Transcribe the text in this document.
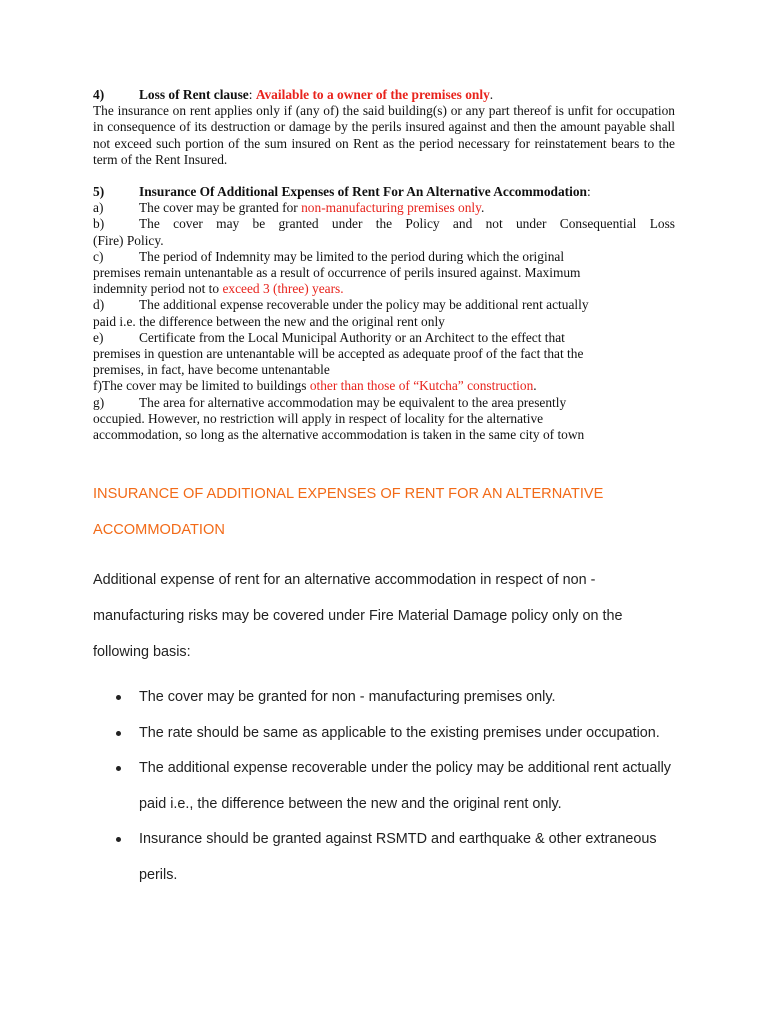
4)	Loss of Rent clause: Available to a owner of the premises only.

The insurance on rent applies only if (any of) the said building(s) or any part thereof is unfit for occupation in consequence of its destruction or damage by the perils insured against and then the amount payable shall not exceed such portion of the sum insured on Rent as the period necessary for reinstatement bears to the term of the Rent Insured.

5)	Insurance Of Additional Expenses of Rent For An Alternative Accommodation:
a)	The cover may be granted for non-manufacturing premises only.
b)	The cover may be granted under the Policy and not under Consequential Loss

(Fire) Policy.

c)	The period of Indemnity may be limited to the period during which the original

premises remain untenantable as a result of occurrence of perils insured against. Maximum

indemnity period not to exceed 3 (three) years.

d)	The additional expense recoverable under the policy may be additional rent actually

paid i.e. the difference between the new and the original rent only

e)	Certificate from the Local Municipal Authority or an Architect to the effect that

premises in question are untenantable will be accepted as adequate proof of the fact that the

premises, in fact, have become untenantable

f)The cover may be limited to buildings other than those of “Kutcha” construction.

g)	The area for alternative accommodation may be equivalent to the area presently

occupied. However, no restriction will apply in respect of locality for the alternative

accommodation, so long as the alternative accommodation is taken in the same city of town

INSURANCE OF ADDITIONAL EXPENSES OF RENT FOR AN ALTERNATIVE
ACCOMMODATION

Additional expense of rent for an alternative accommodation in respect of non - manufacturing risks may be covered under Fire Material Damage policy only on the following basis:

The cover may be granted for non - manufacturing premises only.
The rate should be same as applicable to the existing premises under occupation.
The additional expense recoverable under the policy may be additional rent actually paid i.e., the difference between the new and the original rent only.
Insurance should be granted against RSMTD and earthquake & other extraneous perils.
